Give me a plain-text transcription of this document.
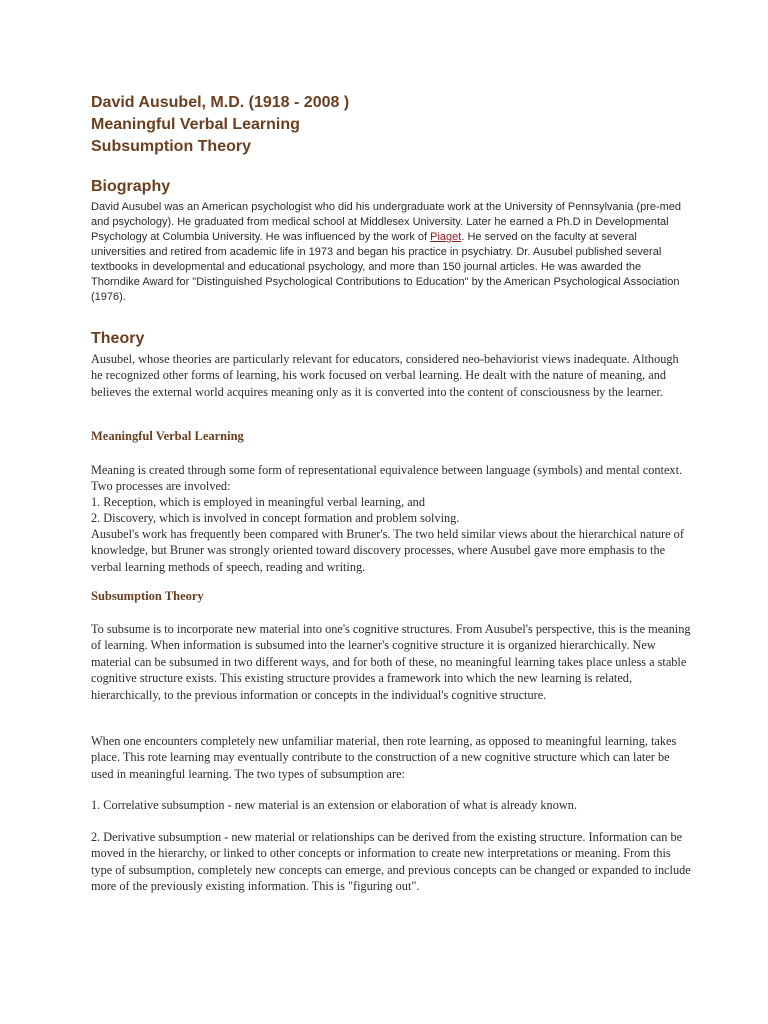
David Ausubel, M.D. (1918 - 2008 )

Meaningful Verbal Learning

Subsumption Theory

Biography

David Ausubel was an American psychologist who did his undergraduate work at the University of Pennsylvania (pre-med and psychology). He graduated from medical school at Middlesex University. Later he earned a Ph.D in Developmental Psychology at Columbia University. He was influenced by the work of Piaget. He served on the faculty at several universities and retired from academic life in 1973 and began his practice in psychiatry. Dr. Ausubel published several textbooks in developmental and educational psychology, and more than 150 journal articles. He was awarded the Thorndike Award for "Distinguished Psychological Contributions to Education" by the American Psychological Association (1976).

Theory

Ausubel, whose theories are particularly relevant for educators, considered neo-behaviorist views inadequate. Although he recognized other forms of learning, his work focused on verbal learning. He dealt with the nature of meaning, and believes the external world acquires meaning only as it is converted into the content of consciousness by the learner.

Meaningful Verbal Learning

Meaning is created through some form of representational equivalence between language (symbols) and mental context. Two processes are involved:

1. Reception, which is employed in meaningful verbal learning, and

2. Discovery, which is involved in concept formation and problem solving.

Ausubel's work has frequently been compared with Bruner's. The two held similar views about the hierarchical nature of knowledge, but Bruner was strongly oriented toward discovery processes, where Ausubel gave more emphasis to the verbal learning methods of speech, reading and writing.

Subsumption Theory

To subsume is to incorporate new material into one's cognitive structures. From Ausubel's perspective, this is the meaning of learning. When information is subsumed into the learner's cognitive structure it is organized hierarchically. New material can be subsumed in two different ways, and for both of these, no meaningful learning takes place unless a stable cognitive structure exists. This existing structure provides a framework into which the new learning is related, hierarchically, to the previous information or concepts in the individual's cognitive structure.

When one encounters completely new unfamiliar material, then rote learning, as opposed to meaningful learning, takes place. This rote learning may eventually contribute to the construction of a new cognitive structure which can later be used in meaningful learning. The two types of subsumption are:

1. Correlative subsumption - new material is an extension or elaboration of what is already known.

2. Derivative subsumption - new material or relationships can be derived from the existing structure. Information can be moved in the hierarchy, or linked to other concepts or information to create new interpretations or meaning. From this type of subsumption, completely new concepts can emerge, and previous concepts can be changed or expanded to include more of the previously existing information. This is "figuring out".
